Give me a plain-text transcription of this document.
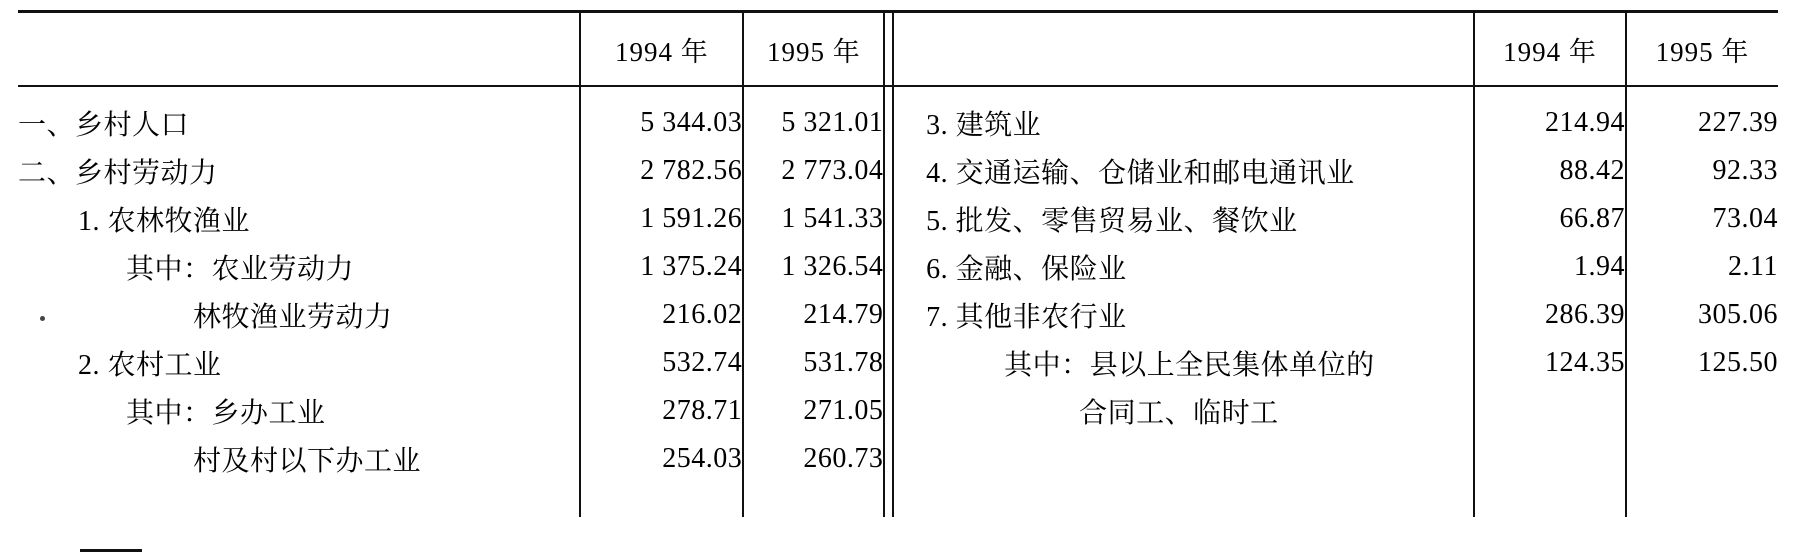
	1994 年	1995 年			1994 年	1995 年

一、乡村人口	5 344.03	5 321.01		3. 建筑业	214.94	227.39
二、乡村劳动力	2 782.56	2 773.04		4. 交通运输、仓储业和邮电通讯业	88.42	92.33
1. 农林牧渔业	1 591.26	1 541.33		5. 批发、零售贸易业、餐饮业	66.87	73.04
其中：农业劳动力	1 375.24	1 326.54		6. 金融、保险业	1.94	2.11
林牧渔业劳动力	216.02	214.79		7. 其他非农行业	286.39	305.06
2. 农村工业	532.74	531.78		其中：县以上全民集体单位的	124.35	125.50
其中：乡办工业	278.71	271.05		合同工、临时工		
村及村以下办工业	254.03	260.73				
